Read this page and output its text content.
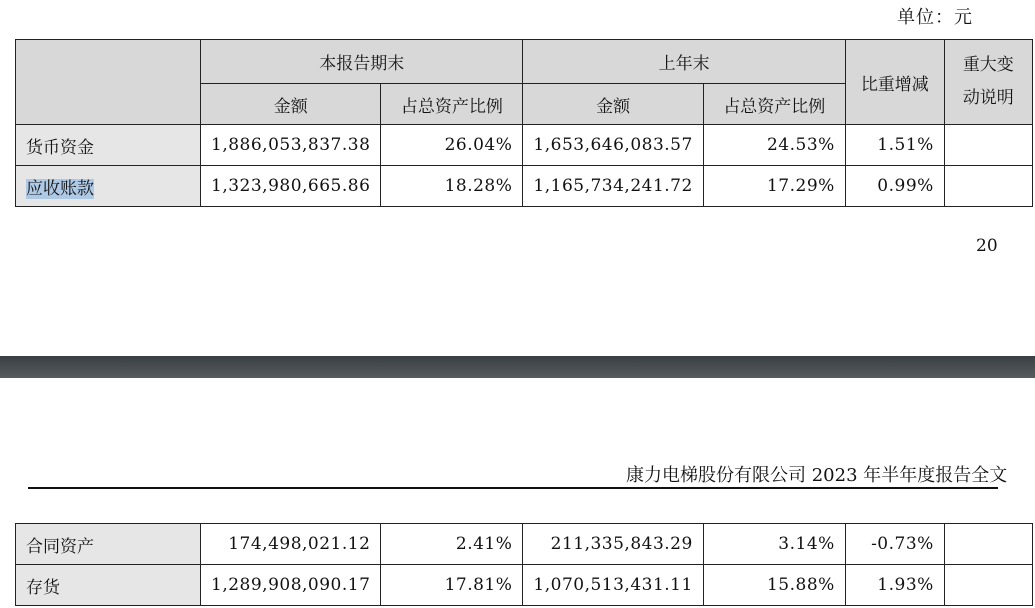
单位：元
	本报告期末		上年末		比重增减	重大变动说明
	金额	占总资产比例	金额	占总资产比例		
货币资金	1,886,053,837.38	26.04%	1,653,646,083.57	24.53%	1.51%	
应收账款	1,323,980,665.86	18.28%	1,165,734,241.72	17.29%	0.99%	
20
康力电梯股份有限公司 2023 年半年度报告全文
合同资产	174,498,021.12	2.41%	211,335,843.29	3.14%	-0.73%	
存货	1,289,908,090.17	17.81%	1,070,513,431.11	15.88%	1.93%	
